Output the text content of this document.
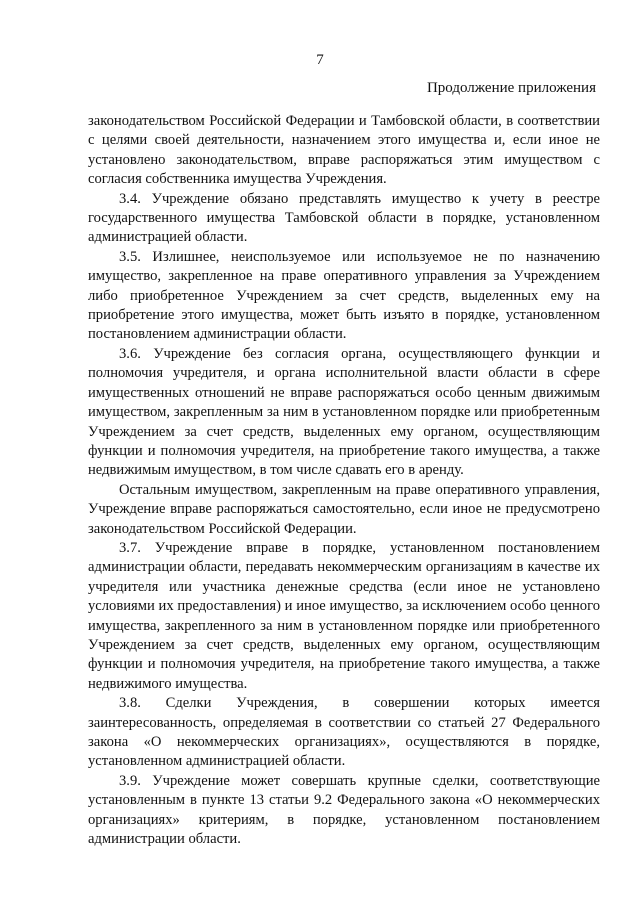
7
Продолжение приложения

законодательством Российской Федерации и Тамбовской области, в соответствии с целями своей деятельности, назначением этого имущества и, если иное не установлено законодательством, вправе распоряжаться этим имуществом с согласия собственника имущества Учреждения.

3.4. Учреждение обязано представлять имущество к учету в реестре государственного имущества Тамбовской области в порядке, установленном администрацией области.

3.5. Излишнее, неиспользуемое или используемое не по назначению имущество, закрепленное на праве оперативного управления за Учреждением либо приобретенное Учреждением за счет средств, выделенных ему на приобретение этого имущества, может быть изъято в порядке, установленном постановлением администрации области.

3.6. Учреждение без согласия органа, осуществляющего функции и полномочия учредителя, и органа исполнительной власти области в сфере имущественных отношений не вправе распоряжаться особо ценным движимым имуществом, закрепленным за ним в установленном порядке или приобретенным Учреждением за счет средств, выделенных ему органом, осуществляющим функции и полномочия учредителя, на приобретение такого имущества, а также недвижимым имуществом, в том числе сдавать его в аренду.

Остальным имуществом, закрепленным на праве оперативного управления, Учреждение вправе распоряжаться самостоятельно, если иное не предусмотрено законодательством Российской Федерации.

3.7. Учреждение вправе в порядке, установленном постановлением администрации области, передавать некоммерческим организациям в качестве их учредителя или участника денежные средства (если иное не установлено условиями их предоставления) и иное имущество, за исключением особо ценного имущества, закрепленного за ним в установленном порядке или приобретенного Учреждением за счет средств, выделенных ему органом, осуществляющим функции и полномочия учредителя, на приобретение такого имущества, а также недвижимого имущества.

3.8. Сделки Учреждения, в совершении которых имеется заинтересованность, определяемая в соответствии со статьей 27 Федерального закона «О некоммерческих организациях», осуществляются в порядке, установленном администрацией области.

3.9. Учреждение может совершать крупные сделки, соответствующие установленным в пункте 13 статьи 9.2 Федерального закона «О некоммерческих организациях» критериям, в порядке, установленном постановлением администрации области.
